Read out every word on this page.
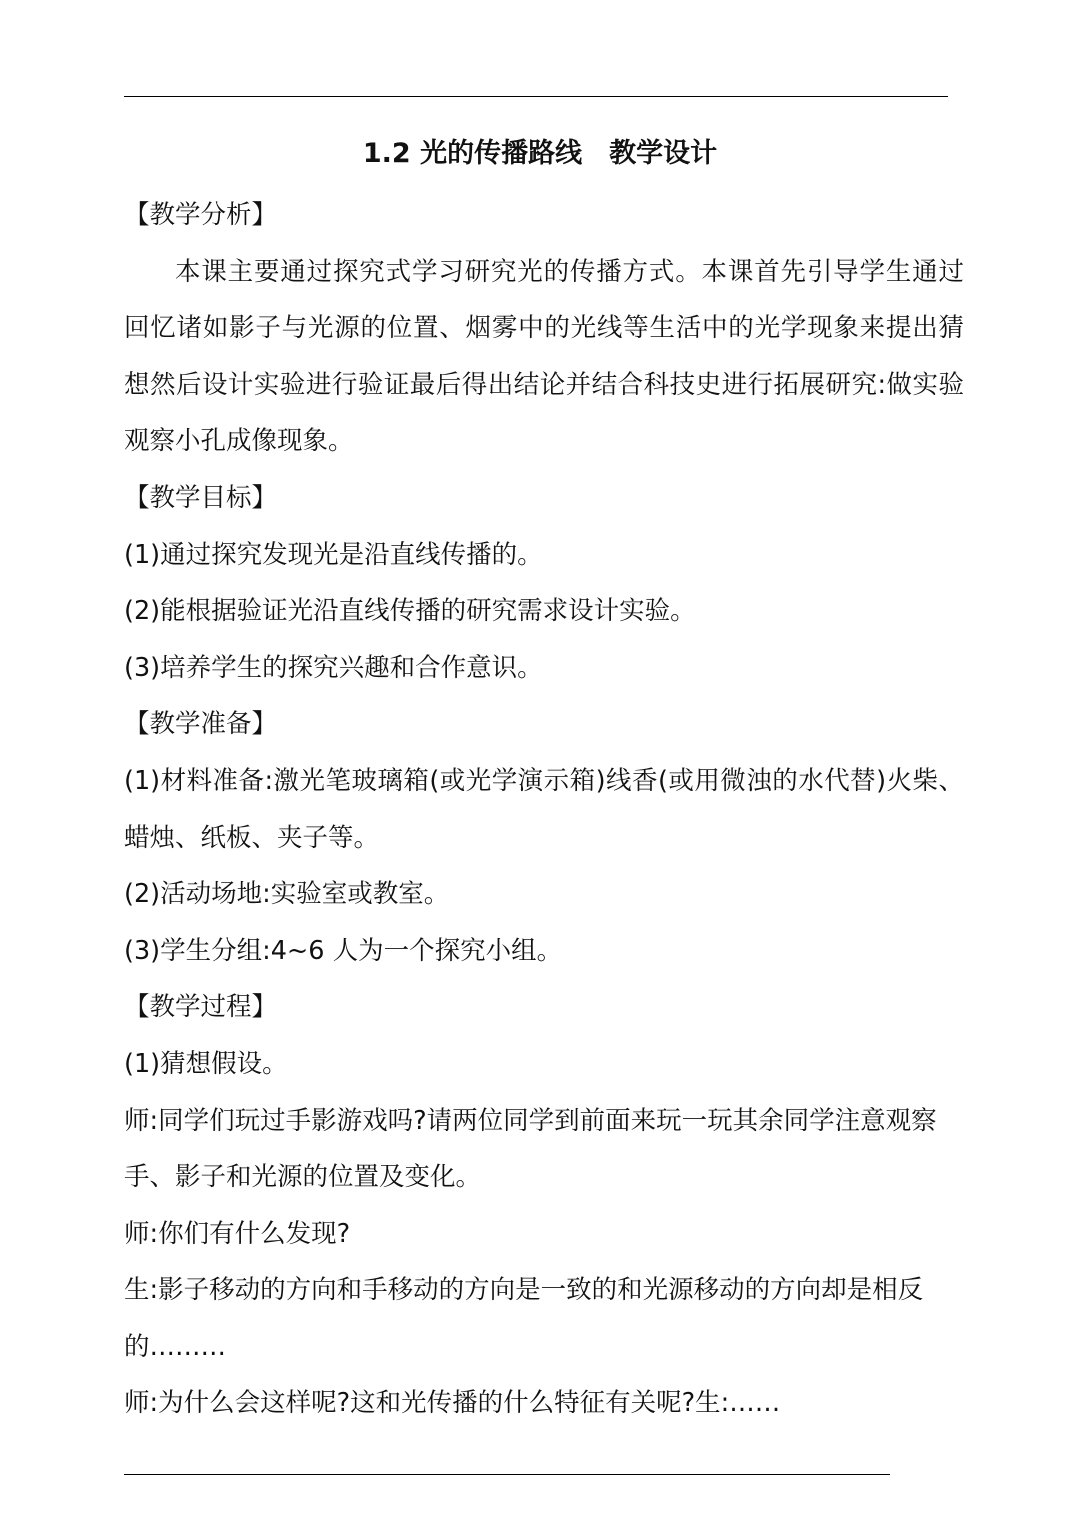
1.2 光的传播路线　教学设计

【教学分析】

本课主要通过探究式学习研究光的传播方式。本课首先引导学生通过回忆诸如影子与光源的位置、烟雾中的光线等生活中的光学现象来提出猜想然后设计实验进行验证最后得出结论并结合科技史进行拓展研究:做实验观察小孔成像现象。

【教学目标】

(1)通过探究发现光是沿直线传播的。

(2)能根据验证光沿直线传播的研究需求设计实验。

(3)培养学生的探究兴趣和合作意识。

【教学准备】

(1)材料准备:激光笔玻璃箱(或光学演示箱)线香(或用微浊的水代替)火柴、蜡烛、纸板、夹子等。

(2)活动场地:实验室或教室。

(3)学生分组:4~6 人为一个探究小组。

【教学过程】

(1)猜想假设。

师:同学们玩过手影游戏吗?请两位同学到前面来玩一玩其余同学注意观察手、影子和光源的位置及变化。

师:你们有什么发现?

生:影子移动的方向和手移动的方向是一致的和光源移动的方向却是相反的………

师:为什么会这样呢?这和光传播的什么特征有关呢?生:……
